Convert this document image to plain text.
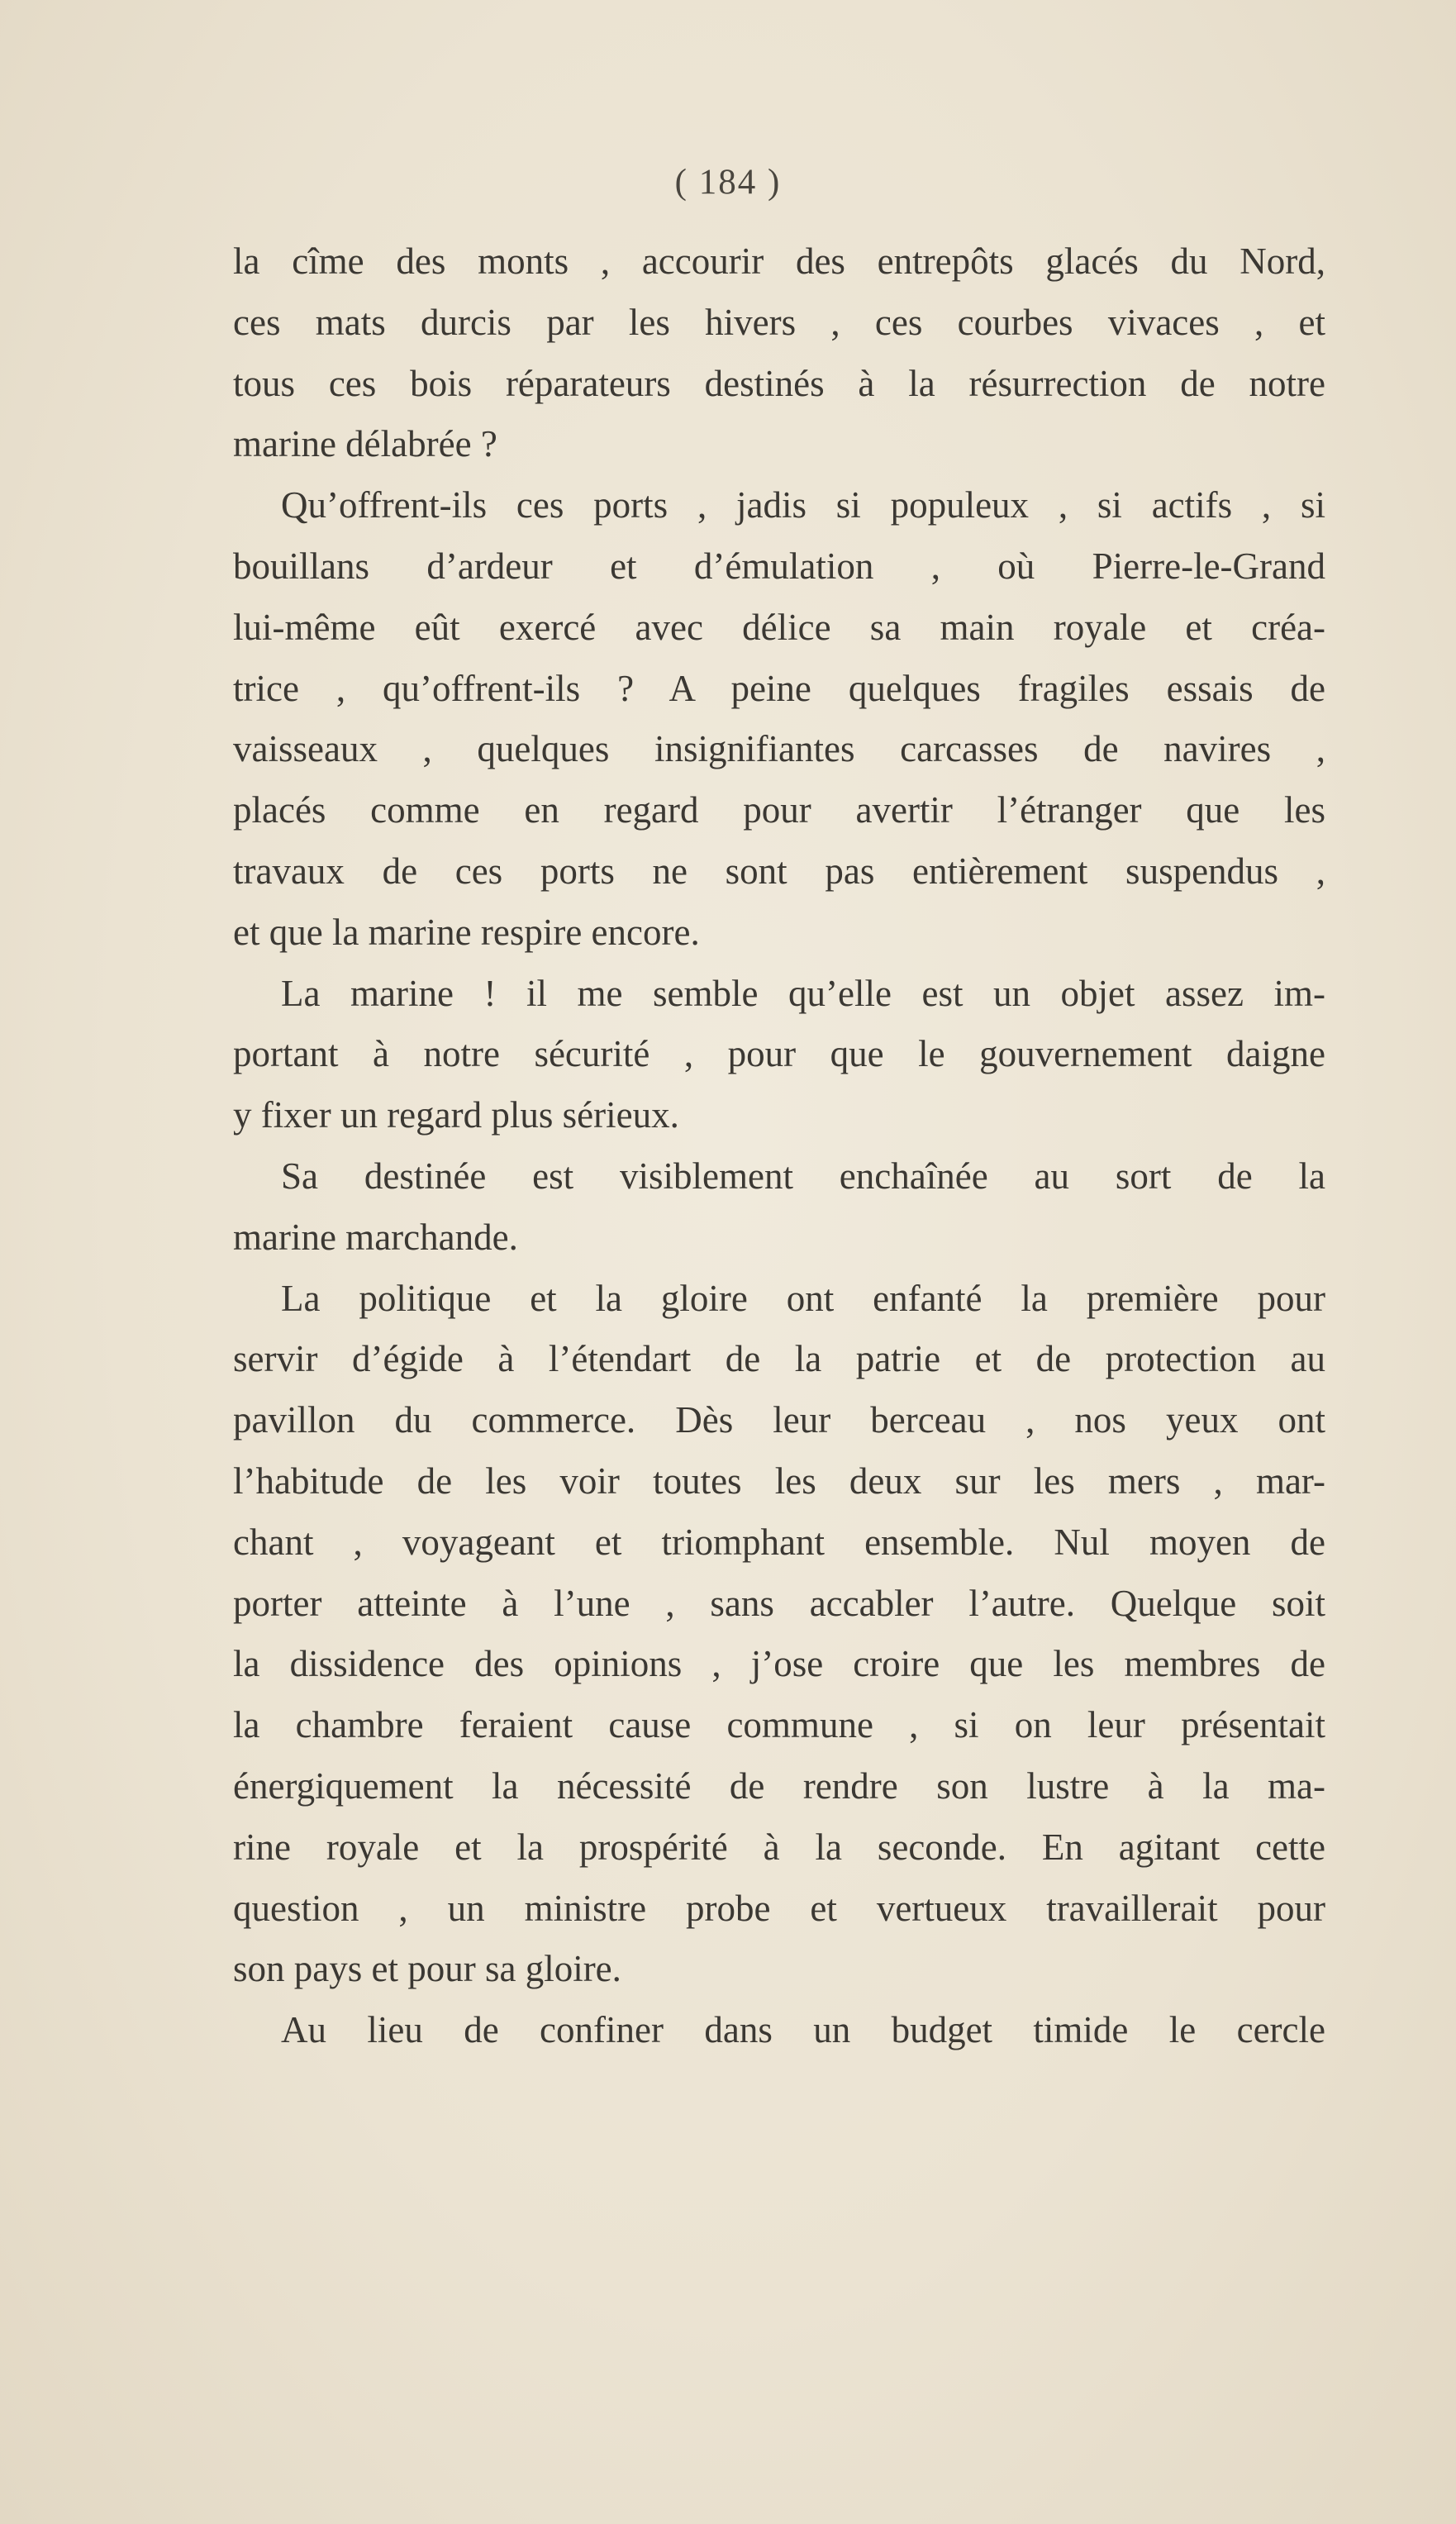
( 184 )
la cîme des monts , accourir des entrepôts glacés du Nord,
ces mats durcis par les hivers , ces courbes vivaces , et
tous ces bois réparateurs destinés à la résurrection de notre
marine délabrée ?
Qu’offrent-ils ces ports , jadis si populeux , si actifs , si
bouillans d’ardeur et d’émulation , où Pierre-le-Grand
lui-même eût exercé avec délice sa main royale et créa-
trice , qu’offrent-ils ? A peine quelques fragiles essais de
vaisseaux , quelques insignifiantes carcasses de navires ,
placés comme en regard pour avertir l’étranger que les
travaux de ces ports ne sont pas entièrement suspendus ,
et que la marine respire encore.
La marine ! il me semble qu’elle est un objet assez im-
portant à notre sécurité , pour que le gouvernement daigne
y fixer un regard plus sérieux.
Sa destinée est visiblement enchaînée au sort de la
marine marchande.
La politique et la gloire ont enfanté la première pour
servir d’égide à l’étendart de la patrie et de protection au
pavillon du commerce. Dès leur berceau , nos yeux ont
l’habitude de les voir toutes les deux sur les mers , mar-
chant , voyageant et triomphant ensemble. Nul moyen de
porter atteinte à l’une , sans accabler l’autre. Quelque soit
la dissidence des opinions , j’ose croire que les membres de
la chambre feraient cause commune , si on leur présentait
énergiquement la nécessité de rendre son lustre à la ma-
rine royale et la prospérité à la seconde. En agitant cette
question , un ministre probe et vertueux travaillerait pour
son pays et pour sa gloire.
Au lieu de confiner dans un budget timide le cercle
